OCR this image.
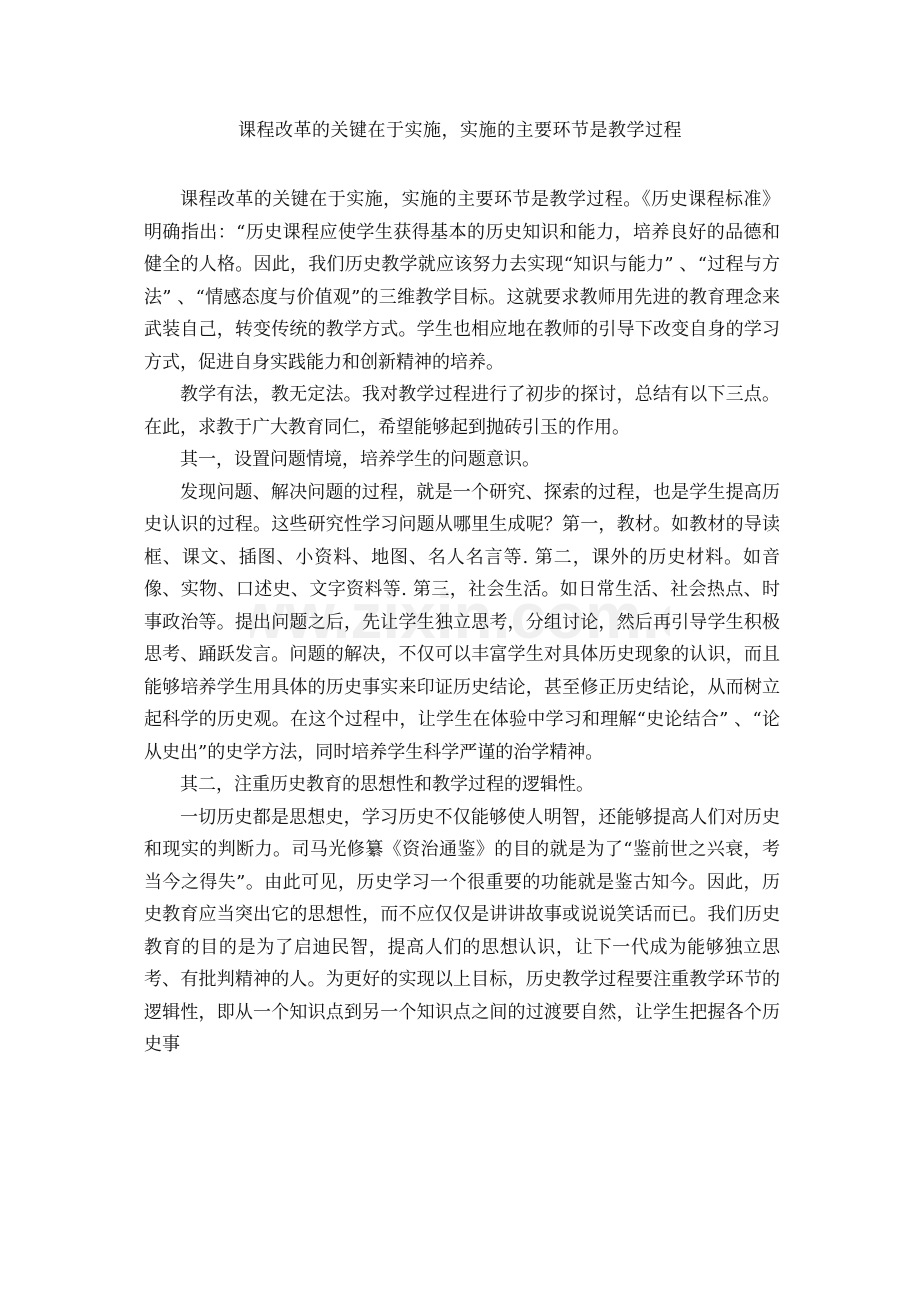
ww.zixin.com.
课程改革的关键在于实施，实施的主要环节是教学过程

课程改革的关键在于实施，实施的主要环节是教学过程。《历史课程标准》明确指出：“历史课程应使学生获得基本的历史知识和能力，培养良好的品德和健全的人格。因此，我们历史教学就应该努力去实现“知识与能力” 、“过程与方法” 、“情感态度与价值观”的三维教学目标。这就要求教师用先进的教育理念来武装自己，转变传统的教学方式。学生也相应地在教师的引导下改变自身的学习方式，促进自身实践能力和创新精神的培养。

教学有法，教无定法。我对教学过程进行了初步的探讨，总结有以下三点。在此，求教于广大教育同仁，希望能够起到抛砖引玉的作用。

其一，设置问题情境，培养学生的问题意识。

发现问题、解决问题的过程，就是一个研究、探索的过程，也是学生提高历史认识的过程。这些研究性学习问题从哪里生成呢？第一，教材。如教材的导读框、课文、插图、小资料、地图、名人名言等. 第二，课外的历史材料。如音像、实物、口述史、文字资料等. 第三，社会生活。如日常生活、社会热点、时事政治等。提出问题之后，先让学生独立思考，分组讨论，然后再引导学生积极思考、踊跃发言。问题的解决，不仅可以丰富学生对具体历史现象的认识，而且能够培养学生用具体的历史事实来印证历史结论，甚至修正历史结论，从而树立起科学的历史观。在这个过程中，让学生在体验中学习和理解“史论结合” 、“论从史出”的史学方法，同时培养学生科学严谨的治学精神。

其二，注重历史教育的思想性和教学过程的逻辑性。

一切历史都是思想史，学习历史不仅能够使人明智，还能够提高人们对历史和现实的判断力。司马光修纂《资治通鉴》的目的就是为了“鉴前世之兴衰，考当今之得失”。由此可见，历史学习一个很重要的功能就是鉴古知今。因此，历史教育应当突出它的思想性，而不应仅仅是讲讲故事或说说笑话而已。我们历史教育的目的是为了启迪民智，提高人们的思想认识，让下一代成为能够独立思考、有批判精神的人。为更好的实现以上目标，历史教学过程要注重教学环节的逻辑性，即从一个知识点到另一个知识点之间的过渡要自然，让学生把握各个历史事
